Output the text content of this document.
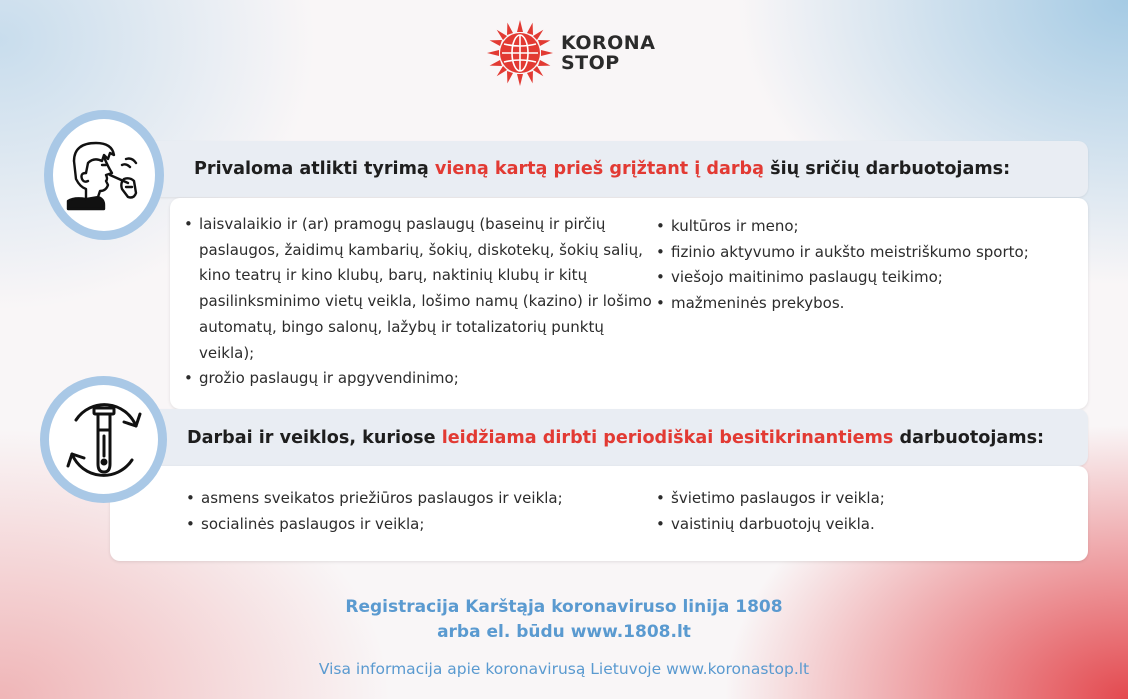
KORONA
STOP
Privaloma atlikti tyrimą vieną kartą prieš grįžtant į darbą šių sričių darbuotojams:
• laisvalaikio ir (ar) pramogų paslaugų (baseinų ir pirčių paslaugos, žaidimų kambarių, šokių, diskotekų, šokių salių, kino teatrų ir kino klubų, barų, naktinių klubų ir kitų pasilinksminimo vietų veikla, lošimo namų (kazino) ir lošimo automatų, bingo salonų, lažybų ir totalizatorių punktų veikla);
• grožio paslaugų ir apgyvendinimo;
• kultūros ir meno;
• fizinio aktyvumo ir aukšto meistriškumo sporto;
• viešojo maitinimo paslaugų teikimo;
• mažmeninės prekybos.
Darbai ir veiklos, kuriose leidžiama dirbti periodiškai besitikrinantiems darbuotojams:
• asmens sveikatos priežiūros paslaugos ir veikla;
• socialinės paslaugos ir veikla;
• švietimo paslaugos ir veikla;
• vaistinių darbuotojų veikla.
Registracija Karštąja koronaviruso linija 1808
arba el. būdu www.1808.lt
Visa informacija apie koronavirusą Lietuvoje www.koronastop.lt
